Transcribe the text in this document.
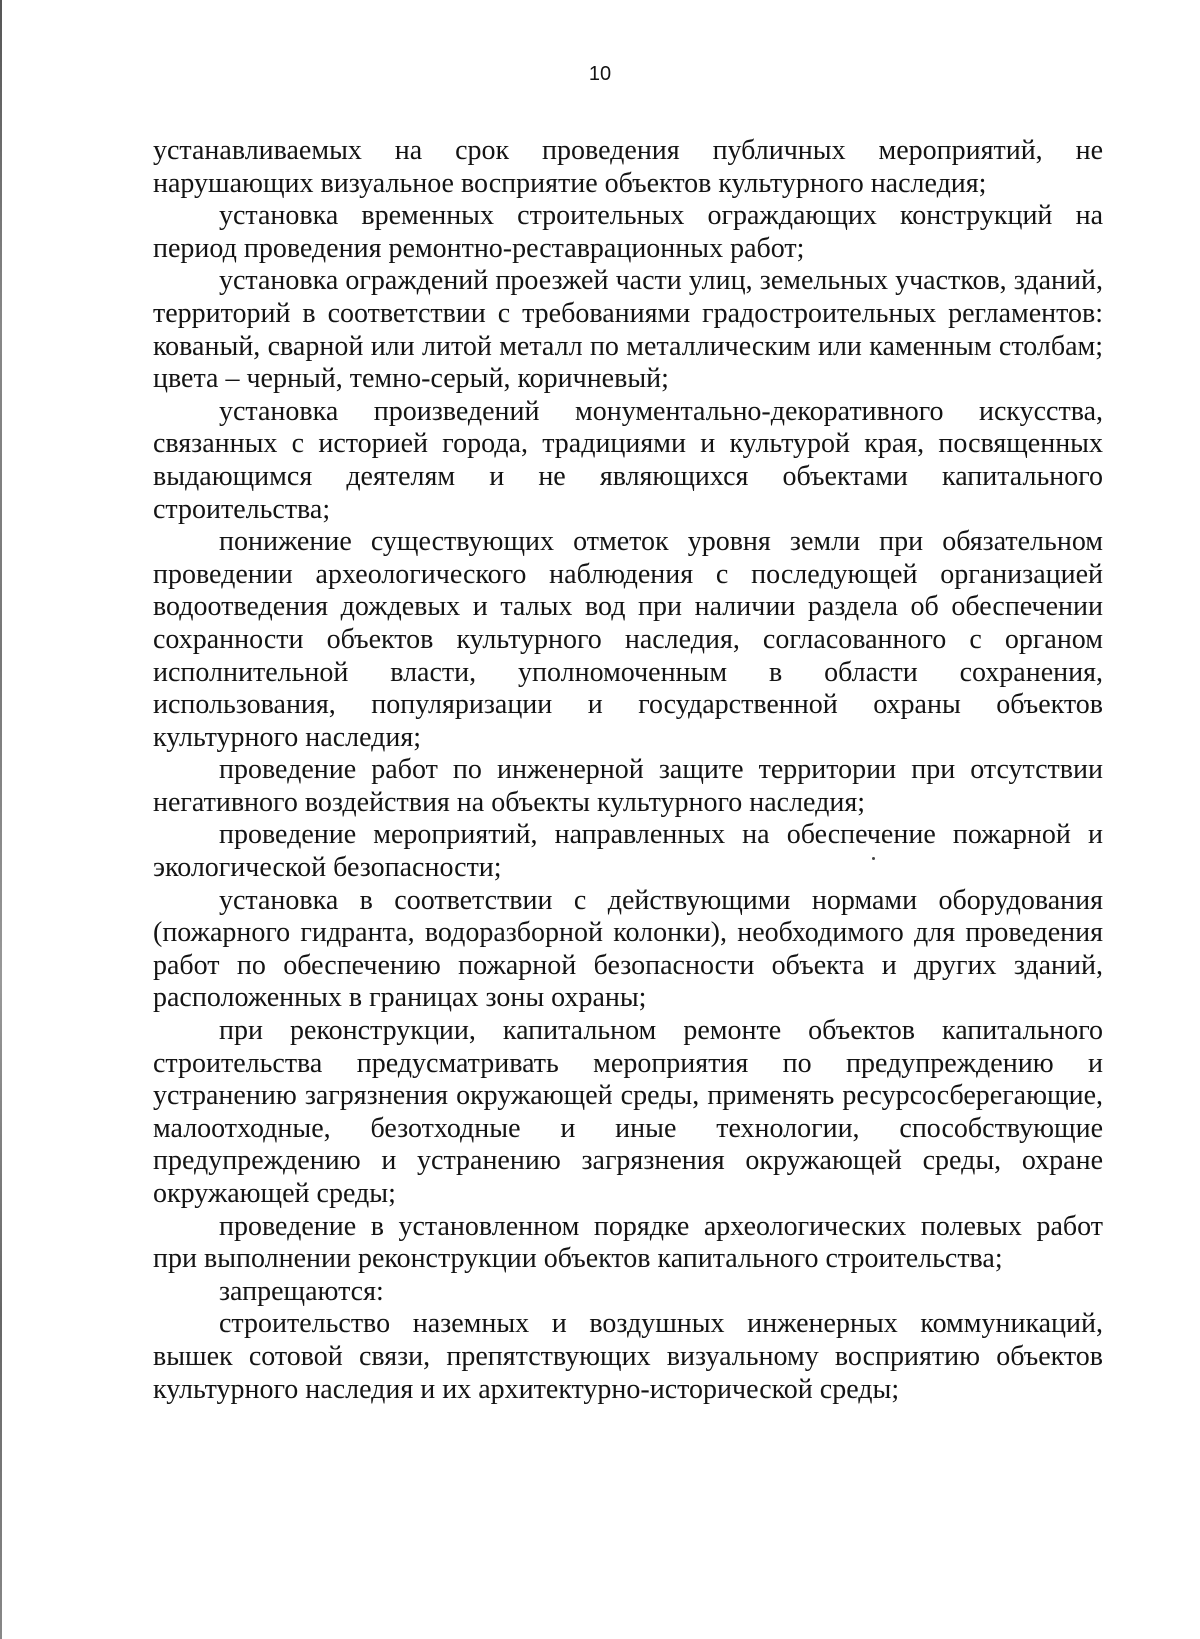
10

устанавливаемых на срок проведения публичных мероприятий, не нарушающих визуальное восприятие объектов культурного наследия;

установка временных строительных ограждающих конструкций на период проведения ремонтно-реставрационных работ;

установка ограждений проезжей части улиц, земельных участков, зданий, территорий в соответствии с требованиями градостроительных регламентов: кованый, сварной или литой металл по металлическим или каменным столбам; цвета – черный, темно-серый, коричневый;

установка произведений монументально-декоративного искусства, связанных с историей города, традициями и культурой края, посвященных выдающимся деятелям и не являющихся объектами капитального строительства;

понижение существующих отметок уровня земли при обязательном проведении археологического наблюдения с последующей организацией водоотведения дождевых и талых вод при наличии раздела об обеспечении сохранности объектов культурного наследия, согласованного с органом исполнительной власти, уполномоченным в области сохранения, использования, популяризации и государственной охраны объектов культурного наследия;

проведение работ по инженерной защите территории при отсутствии негативного воздействия на объекты культурного наследия;

проведение мероприятий, направленных на обеспечение пожарной и экологической безопасности;

установка в соответствии с действующими нормами оборудования (пожарного гидранта, водоразборной колонки), необходимого для проведения работ по обеспечению пожарной безопасности объекта и других зданий, расположенных в границах зоны охраны;

при реконструкции, капитальном ремонте объектов капитального строительства предусматривать мероприятия по предупреждению и устранению загрязнения окружающей среды, применять ресурсосберегающие, малоотходные, безотходные и иные технологии, способствующие предупреждению и устранению загрязнения окружающей среды, охране окружающей среды;

проведение в установленном порядке археологических полевых работ при выполнении реконструкции объектов капитального строительства;

запрещаются:

строительство наземных и воздушных инженерных коммуникаций, вышек сотовой связи, препятствующих визуальному восприятию объектов культурного наследия и их архитектурно-исторической среды;
